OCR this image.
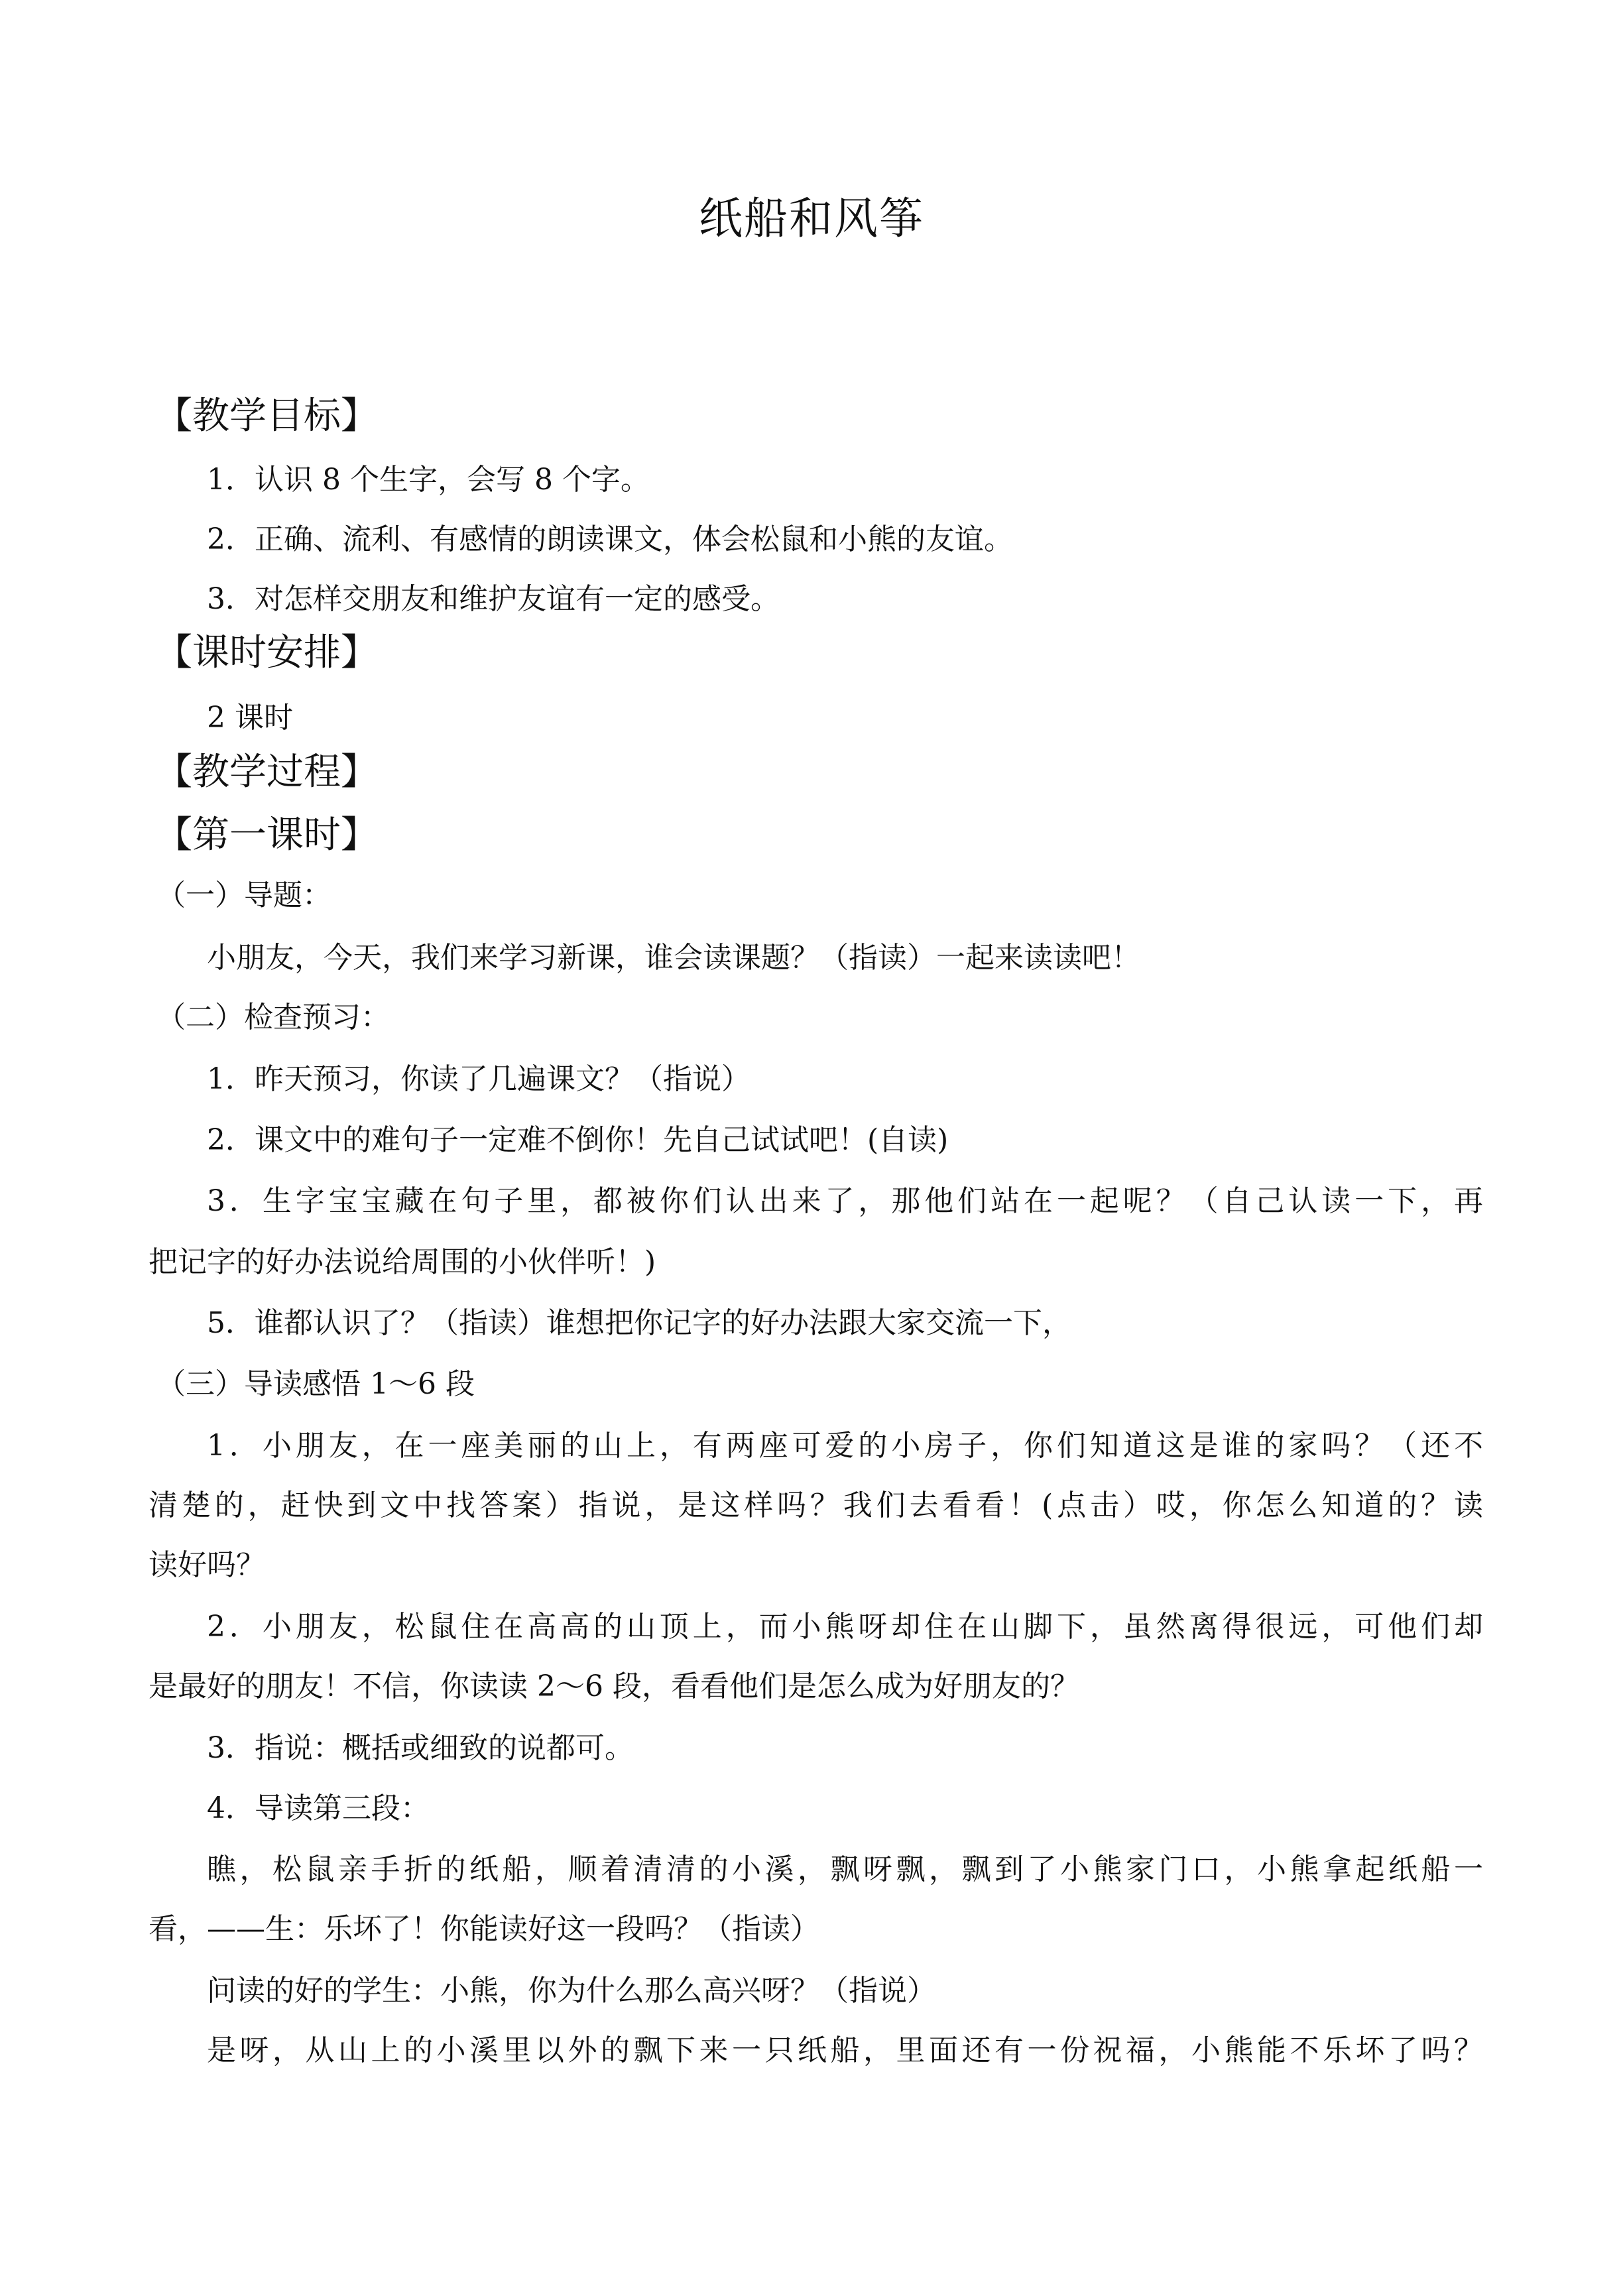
纸船和风筝
【教学目标】
1．认识 8 个生字，会写 8 个字。
2．正确、流利、有感情的朗读课文，体会松鼠和小熊的友谊。
3．对怎样交朋友和维护友谊有一定的感受。
【课时安排】
2 课时
【教学过程】
【第一课时】
（一）导题：
小朋友，今天，我们来学习新课，谁会读课题？（指读）一起来读读吧！
（二）检查预习：
1．昨天预习，你读了几遍课文？（指说）
2．课文中的难句子一定难不倒你！先自己试试吧！(自读)
3．生字宝宝藏在句子里，都被你们认出来了，那他们站在一起呢？（自己认读一下，再
把记字的好办法说给周围的小伙伴听！)
5．谁都认识了？（指读）谁想把你记字的好办法跟大家交流一下，
（三）导读感悟 1～6 段
1．小朋友，在一座美丽的山上，有两座可爱的小房子，你们知道这是谁的家吗？（还不
清楚的，赶快到文中找答案）指说，是这样吗？我们去看看！(点击）哎，你怎么知道的？读
读好吗？
2．小朋友，松鼠住在高高的山顶上，而小熊呀却住在山脚下，虽然离得很远，可他们却
是最好的朋友！不信，你读读 2～6 段，看看他们是怎么成为好朋友的？
3．指说：概括或细致的说都可。
4．导读第三段：
瞧，松鼠亲手折的纸船，顺着清清的小溪，飘呀飘，飘到了小熊家门口，小熊拿起纸船一
看，——生：乐坏了！你能读好这一段吗？（指读）
问读的好的学生：小熊，你为什么那么高兴呀？（指说）
是呀，从山上的小溪里以外的飘下来一只纸船，里面还有一份祝福，小熊能不乐坏了吗？
